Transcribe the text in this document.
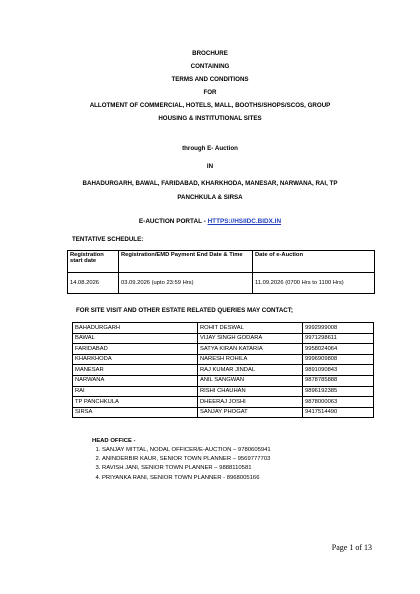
BROCHURE
CONTAINING
TERMS AND CONDITIONS
FOR
ALLOTMENT OF COMMERCIAL, HOTELS, MALL, BOOTHS/SHOPS/SCOS, GROUP
HOUSING & INSTITUTIONAL SITES
through E- Auction
IN
BAHADURGARH, BAWAL, FARIDABAD, KHARKHODA, MANESAR, NARWANA, RAI, TP
PANCHKULA & SIRSA
E-AUCTION PORTAL - HTTPS://HSIIDC.BIDX.IN
TENTATIVE SCHEDULE:
Registration start date	Registration/EMD Payment End Date & Time	Date of e-Auction
14.08.2026	03.09.2026 (upto 23:59 Hrs)	11.09.2026 (0700 Hrs to 1100 Hrs)
FOR SITE VISIT AND OTHER ESTATE RELATED QUERIES MAY CONTACT;
BAHADURGARH	ROHIT DESWAL	9992999008
BAWAL	VIJAY SINGH GODARA	9971298611
FARIDABAD	SATYA KIRAN KATARIA	9958024064
KHARKHODA	NARESH ROHILA	9996909808
MANESAR	RAJ KUMAR JINDAL	9891090843
NARWANA	ANIL SANGWAN	9878785888
RAI	RISHI CHAUHAN	9896192385
TP PANCHKULA	DHEERAJ JOSHI	9878000063
SIRSA	SANJAY PHOGAT	9417514490
HEAD OFFICE -
1. SANJAY MITTAL, NODAL OFFICER/E-AUCTION – 9780605941
2. ANINDERBIR KAUR, SENIOR TOWN PLANNER – 9569777703
3. RAVISH JANI, SENIOR TOWN PLANNER – 9888110581
4. PRIYANKA RANI, SENIOR TOWN PLANNER - 8968005166
Page 1 of 13
